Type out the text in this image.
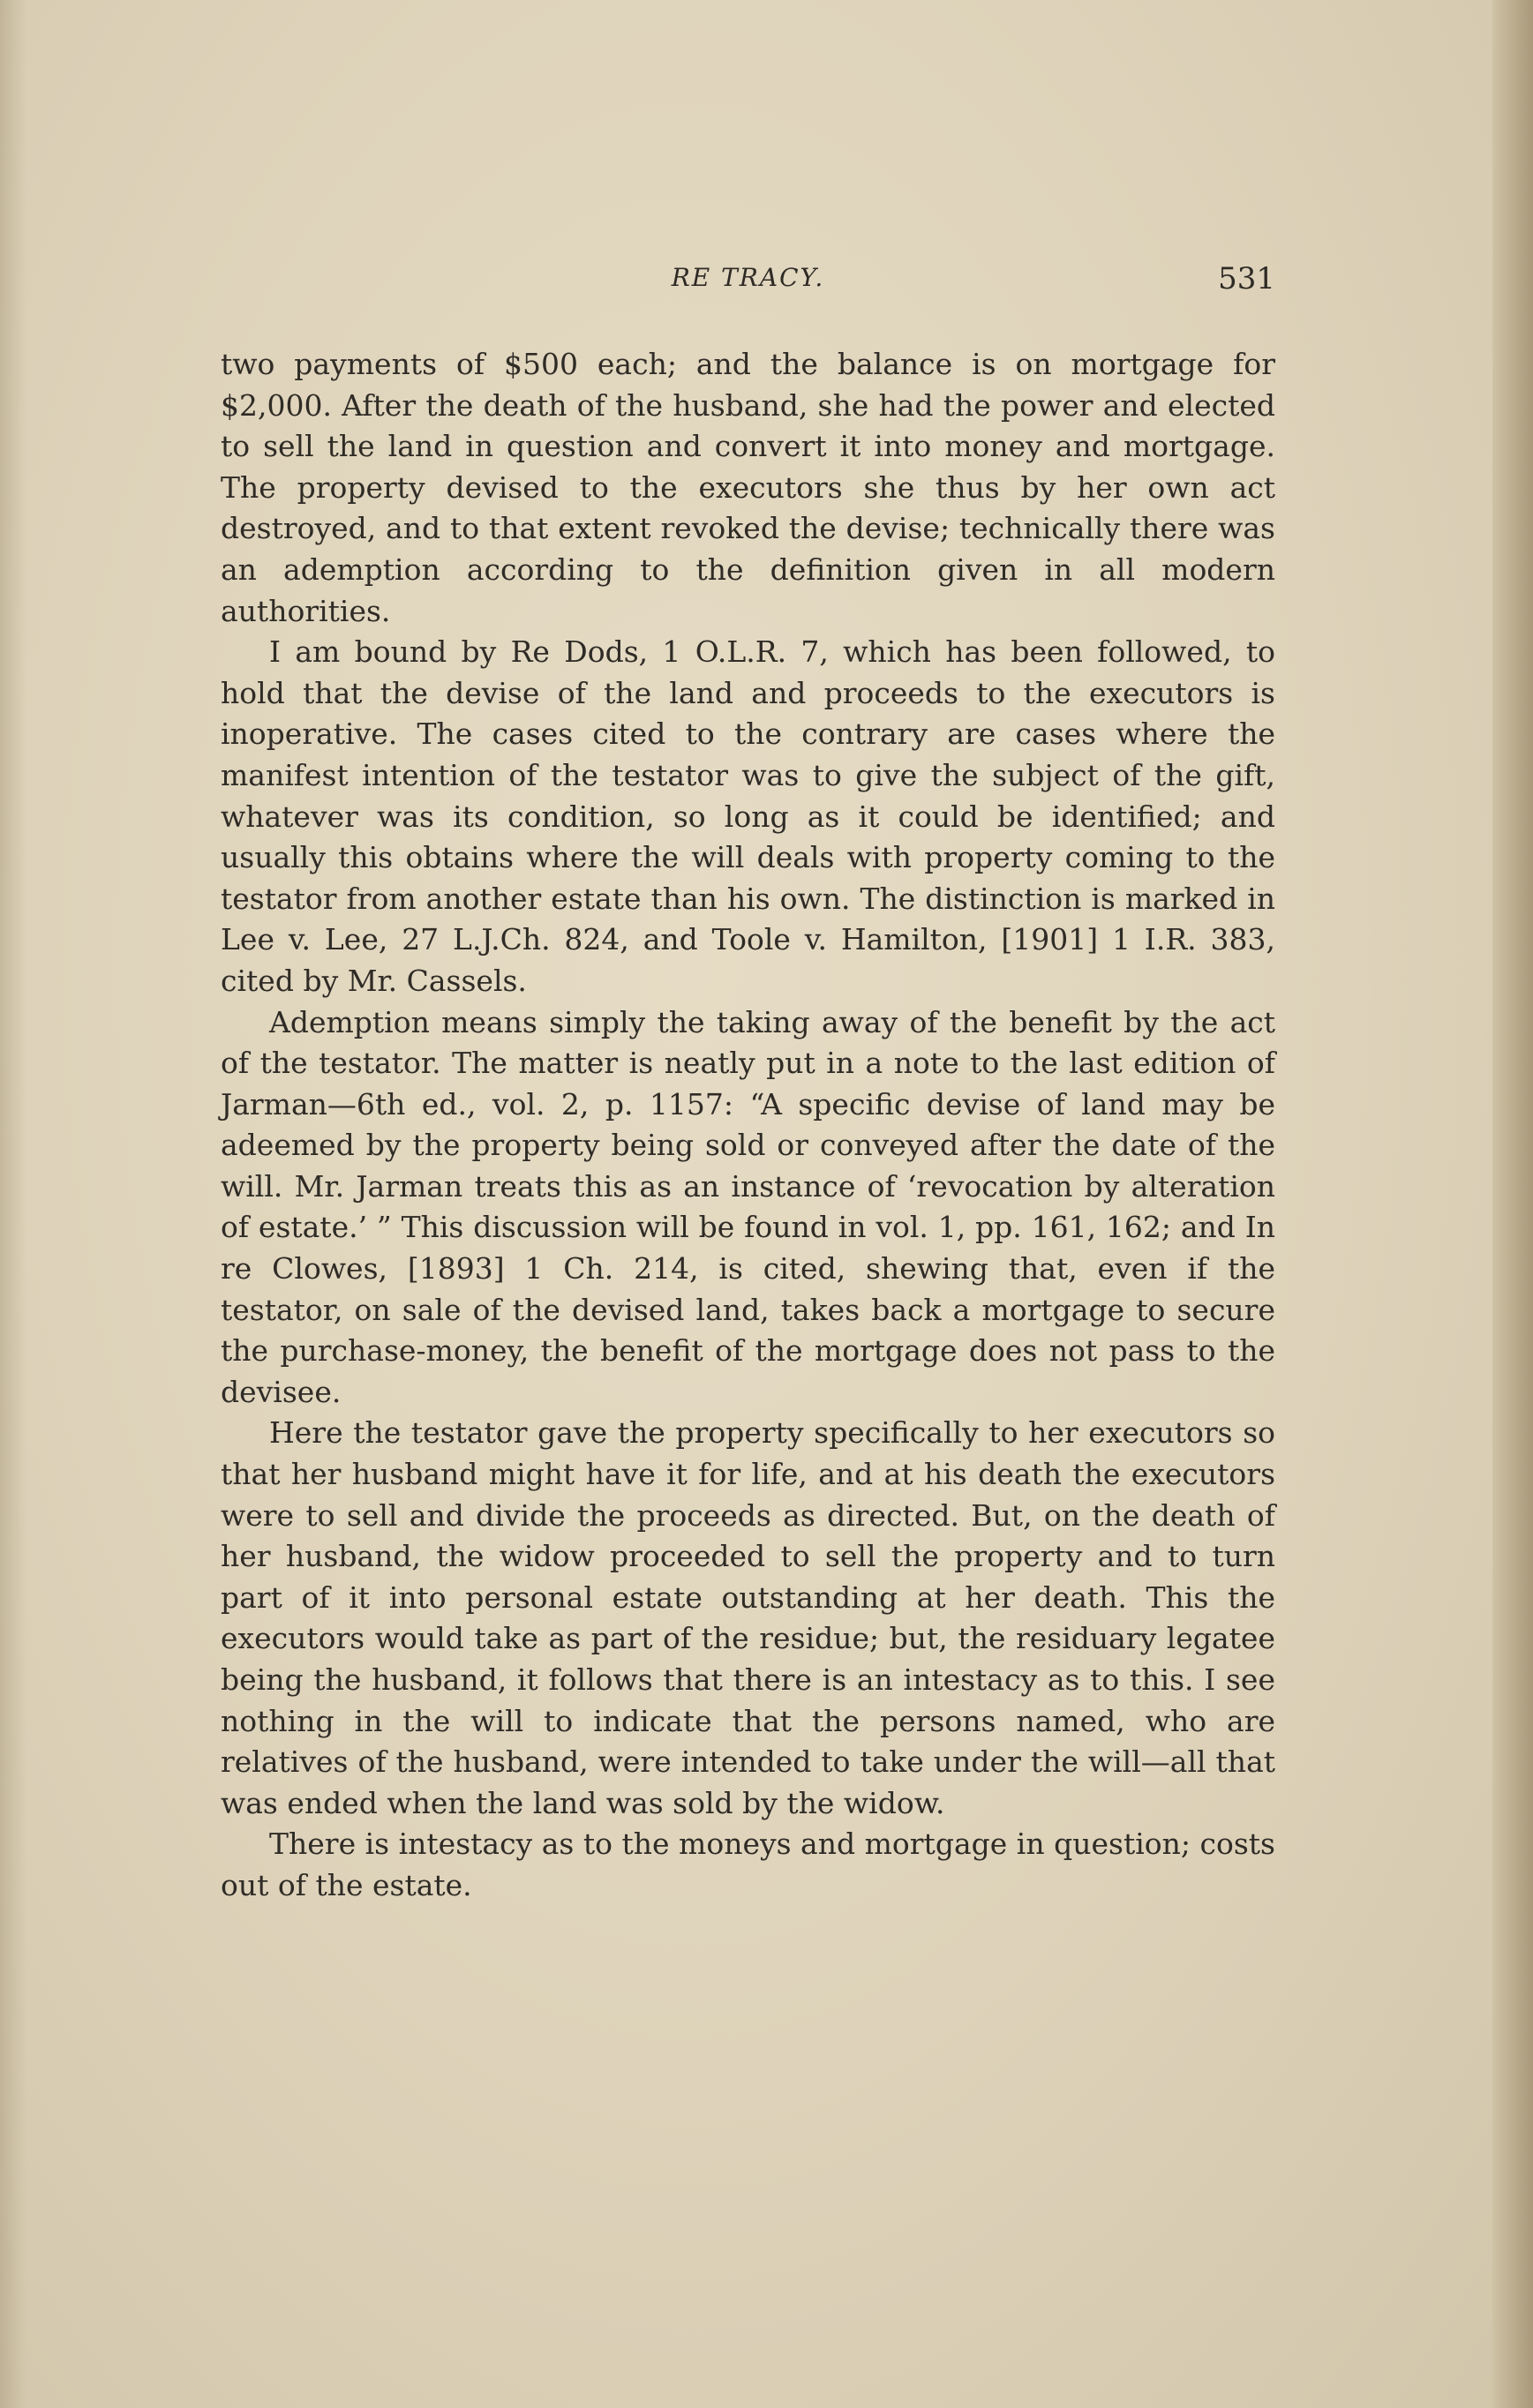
RE TRACY.	531

two payments of $500 each; and the balance is on mortgage for $2,000. After the death of the husband, she had the power and elected to sell the land in question and convert it into money and mortgage. The property devised to the executors she thus by her own act destroyed, and to that extent revoked the devise; technically there was an ademption according to the definition given in all modern authorities.

I am bound by Re Dods, 1 O.L.R. 7, which has been followed, to hold that the devise of the land and proceeds to the executors is inoperative. The cases cited to the contrary are cases where the manifest intention of the testator was to give the subject of the gift, whatever was its condition, so long as it could be identified; and usually this obtains where the will deals with property coming to the testator from another estate than his own. The distinction is marked in Lee v. Lee, 27 L.J.Ch. 824, and Toole v. Hamilton, [1901] 1 I.R. 383, cited by Mr. Cassels.

Ademption means simply the taking away of the benefit by the act of the testator. The matter is neatly put in a note to the last edition of Jarman—6th ed., vol. 2, p. 1157: “A specific devise of land may be adeemed by the property being sold or conveyed after the date of the will. Mr. Jarman treats this as an instance of ‘revocation by alteration of estate.’ ” This discussion will be found in vol. 1, pp. 161, 162; and In re Clowes, [1893] 1 Ch. 214, is cited, shewing that, even if the testator, on sale of the devised land, takes back a mortgage to secure the purchase-money, the benefit of the mortgage does not pass to the devisee.

Here the testator gave the property specifically to her executors so that her husband might have it for life, and at his death the executors were to sell and divide the proceeds as directed. But, on the death of her husband, the widow proceeded to sell the property and to turn part of it into personal estate outstanding at her death. This the executors would take as part of the residue; but, the residuary legatee being the husband, it follows that there is an intestacy as to this. I see nothing in the will to indicate that the persons named, who are relatives of the husband, were intended to take under the will—all that was ended when the land was sold by the widow.

There is intestacy as to the moneys and mortgage in question; costs out of the estate.
